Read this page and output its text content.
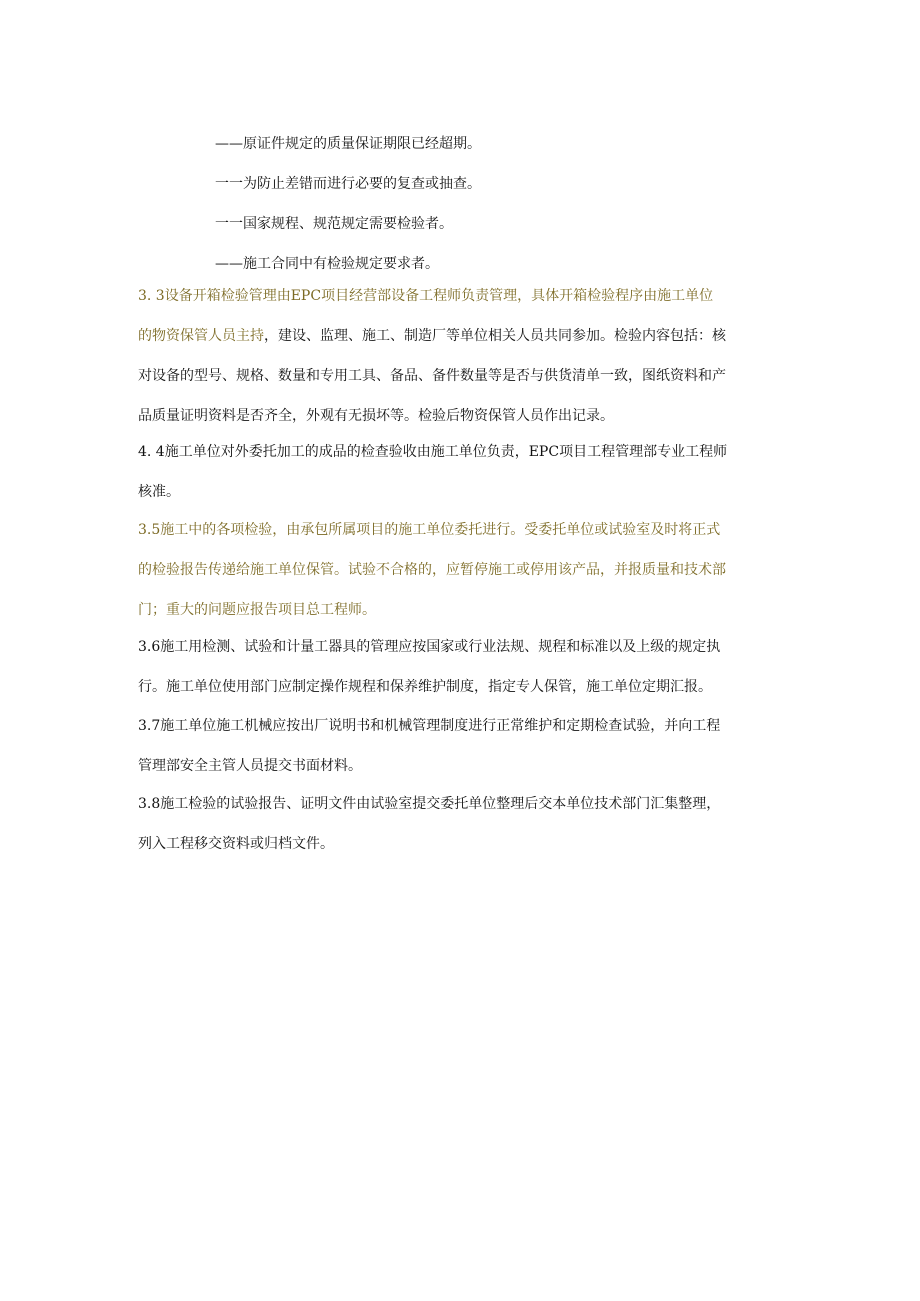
——原证件规定的质量保证期限已经超期。
一一为防止差错而进行必要的复查或抽查。
一一国家规程、规范规定需要检验者。
——施工合同中有检验规定要求者。
3. 3设备开箱检验管理由EPC项目经营部设备工程师负责管理，具体开箱检验程序由施工单位
的物资保管人员主持，建设、监理、施工、制造厂等单位相关人员共同参加。检验内容包括：核
对设备的型号、规格、数量和专用工具、备品、备件数量等是否与供货清单一致，图纸资料和产
品质量证明资料是否齐全，外观有无损坏等。检验后物资保管人员作出记录。
4. 4施工单位对外委托加工的成品的检查验收由施工单位负责，EPC项目工程管理部专业工程师
核准。
3.5施工中的各项检验，由承包所属项目的施工单位委托进行。受委托单位或试验室及时将正式
的检验报告传递给施工单位保管。试验不合格的，应暂停施工或停用该产品，并报质量和技术部
门；重大的问题应报告项目总工程师。
3.6施工用检测、试验和计量工器具的管理应按国家或行业法规、规程和标准以及上级的规定执
行。施工单位使用部门应制定操作规程和保养维护制度，指定专人保管，施工单位定期汇报。
3.7施工单位施工机械应按出厂说明书和机械管理制度进行正常维护和定期检查试验，并向工程
管理部安全主管人员提交书面材料。
3.8施工检验的试验报告、证明文件由试验室提交委托单位整理后交本单位技术部门汇集整理，
列入工程移交资料或归档文件。
